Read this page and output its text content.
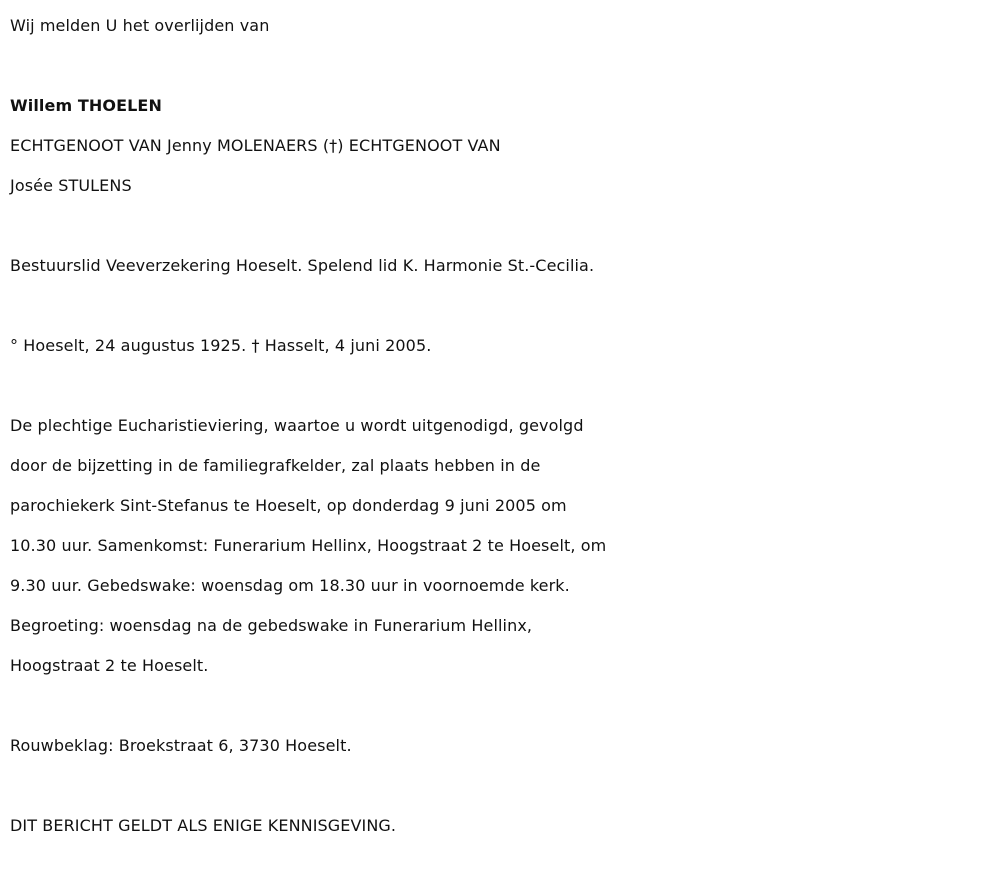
Wij melden U het overlijden van

Willem THOELEN

ECHTGENOOT VAN Jenny MOLENAERS (†) ECHTGENOOT VAN

Josée STULENS

Bestuurslid Veeverzekering Hoeselt. Spelend lid K. Harmonie St.-Cecilia.

° Hoeselt, 24 augustus 1925. † Hasselt, 4 juni 2005.

De plechtige Eucharistieviering, waartoe u wordt uitgenodigd, gevolgd

door de bijzetting in de familiegrafkelder, zal plaats hebben in de

parochiekerk Sint-Stefanus te Hoeselt, op donderdag 9 juni 2005 om

10.30 uur. Samenkomst: Funerarium Hellinx, Hoogstraat 2 te Hoeselt, om

9.30 uur. Gebedswake: woensdag om 18.30 uur in voornoemde kerk.

Begroeting: woensdag na de gebedswake in Funerarium Hellinx,

Hoogstraat 2 te Hoeselt.

Rouwbeklag: Broekstraat 6, 3730 Hoeselt.

DIT BERICHT GELDT ALS ENIGE KENNISGEVING.
